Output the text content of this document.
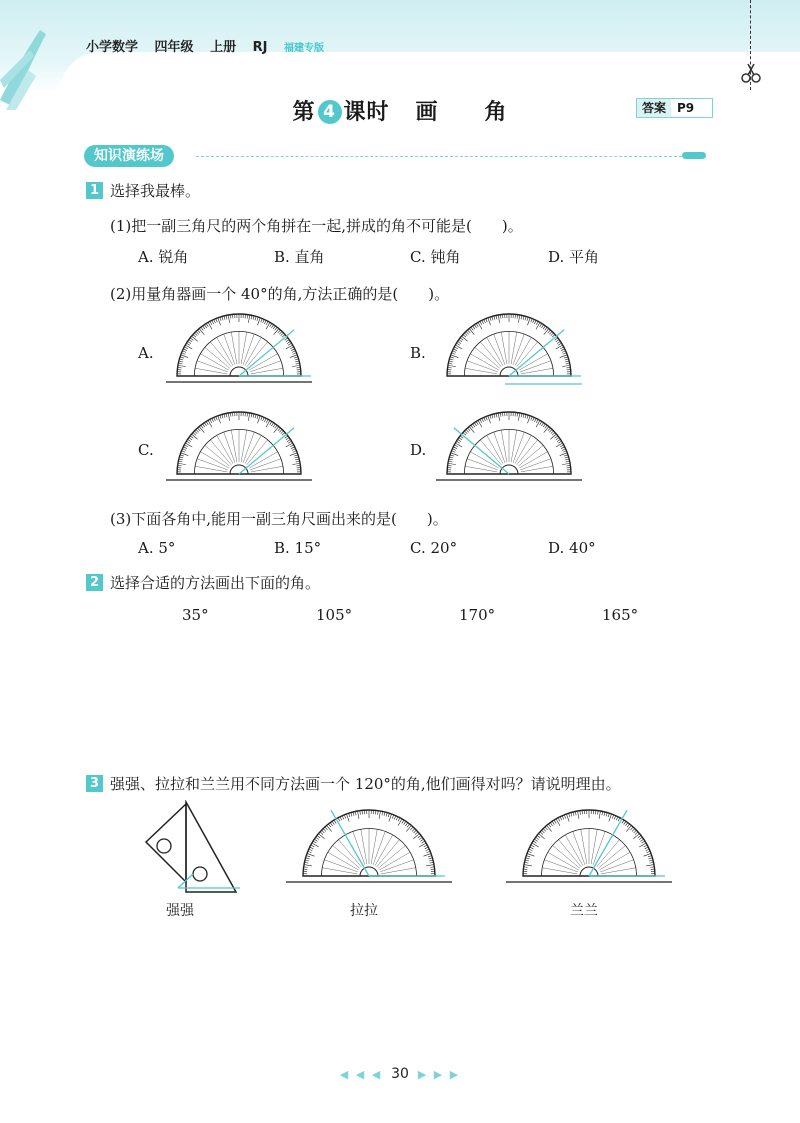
小学数学 四年级 上册 RJ 福建专版
第 4 课时 画　　角	答案 P9
知识演练场
1 选择我最棒。
(1)把一副三角尺的两个角拼在一起,拼成的角不可能是(　　)。
A. 锐角	B. 直角	C. 钝角	D. 平角
(2)用量角器画一个 40°的角,方法正确的是(　　)。
A.	B.
C.	D.
(3)下面各角中,能用一副三角尺画出来的是(　　)。
A. 5°	B. 15°	C. 20°	D. 40°
2 选择合适的方法画出下面的角。
35°	105°	170°	165°
3 强强、拉拉和兰兰用不同方法画一个 120°的角,他们画得对吗？请说明理由。
强强	拉拉	兰兰
◀ ◀ ◀ 30 ▶ ▶ ▶
